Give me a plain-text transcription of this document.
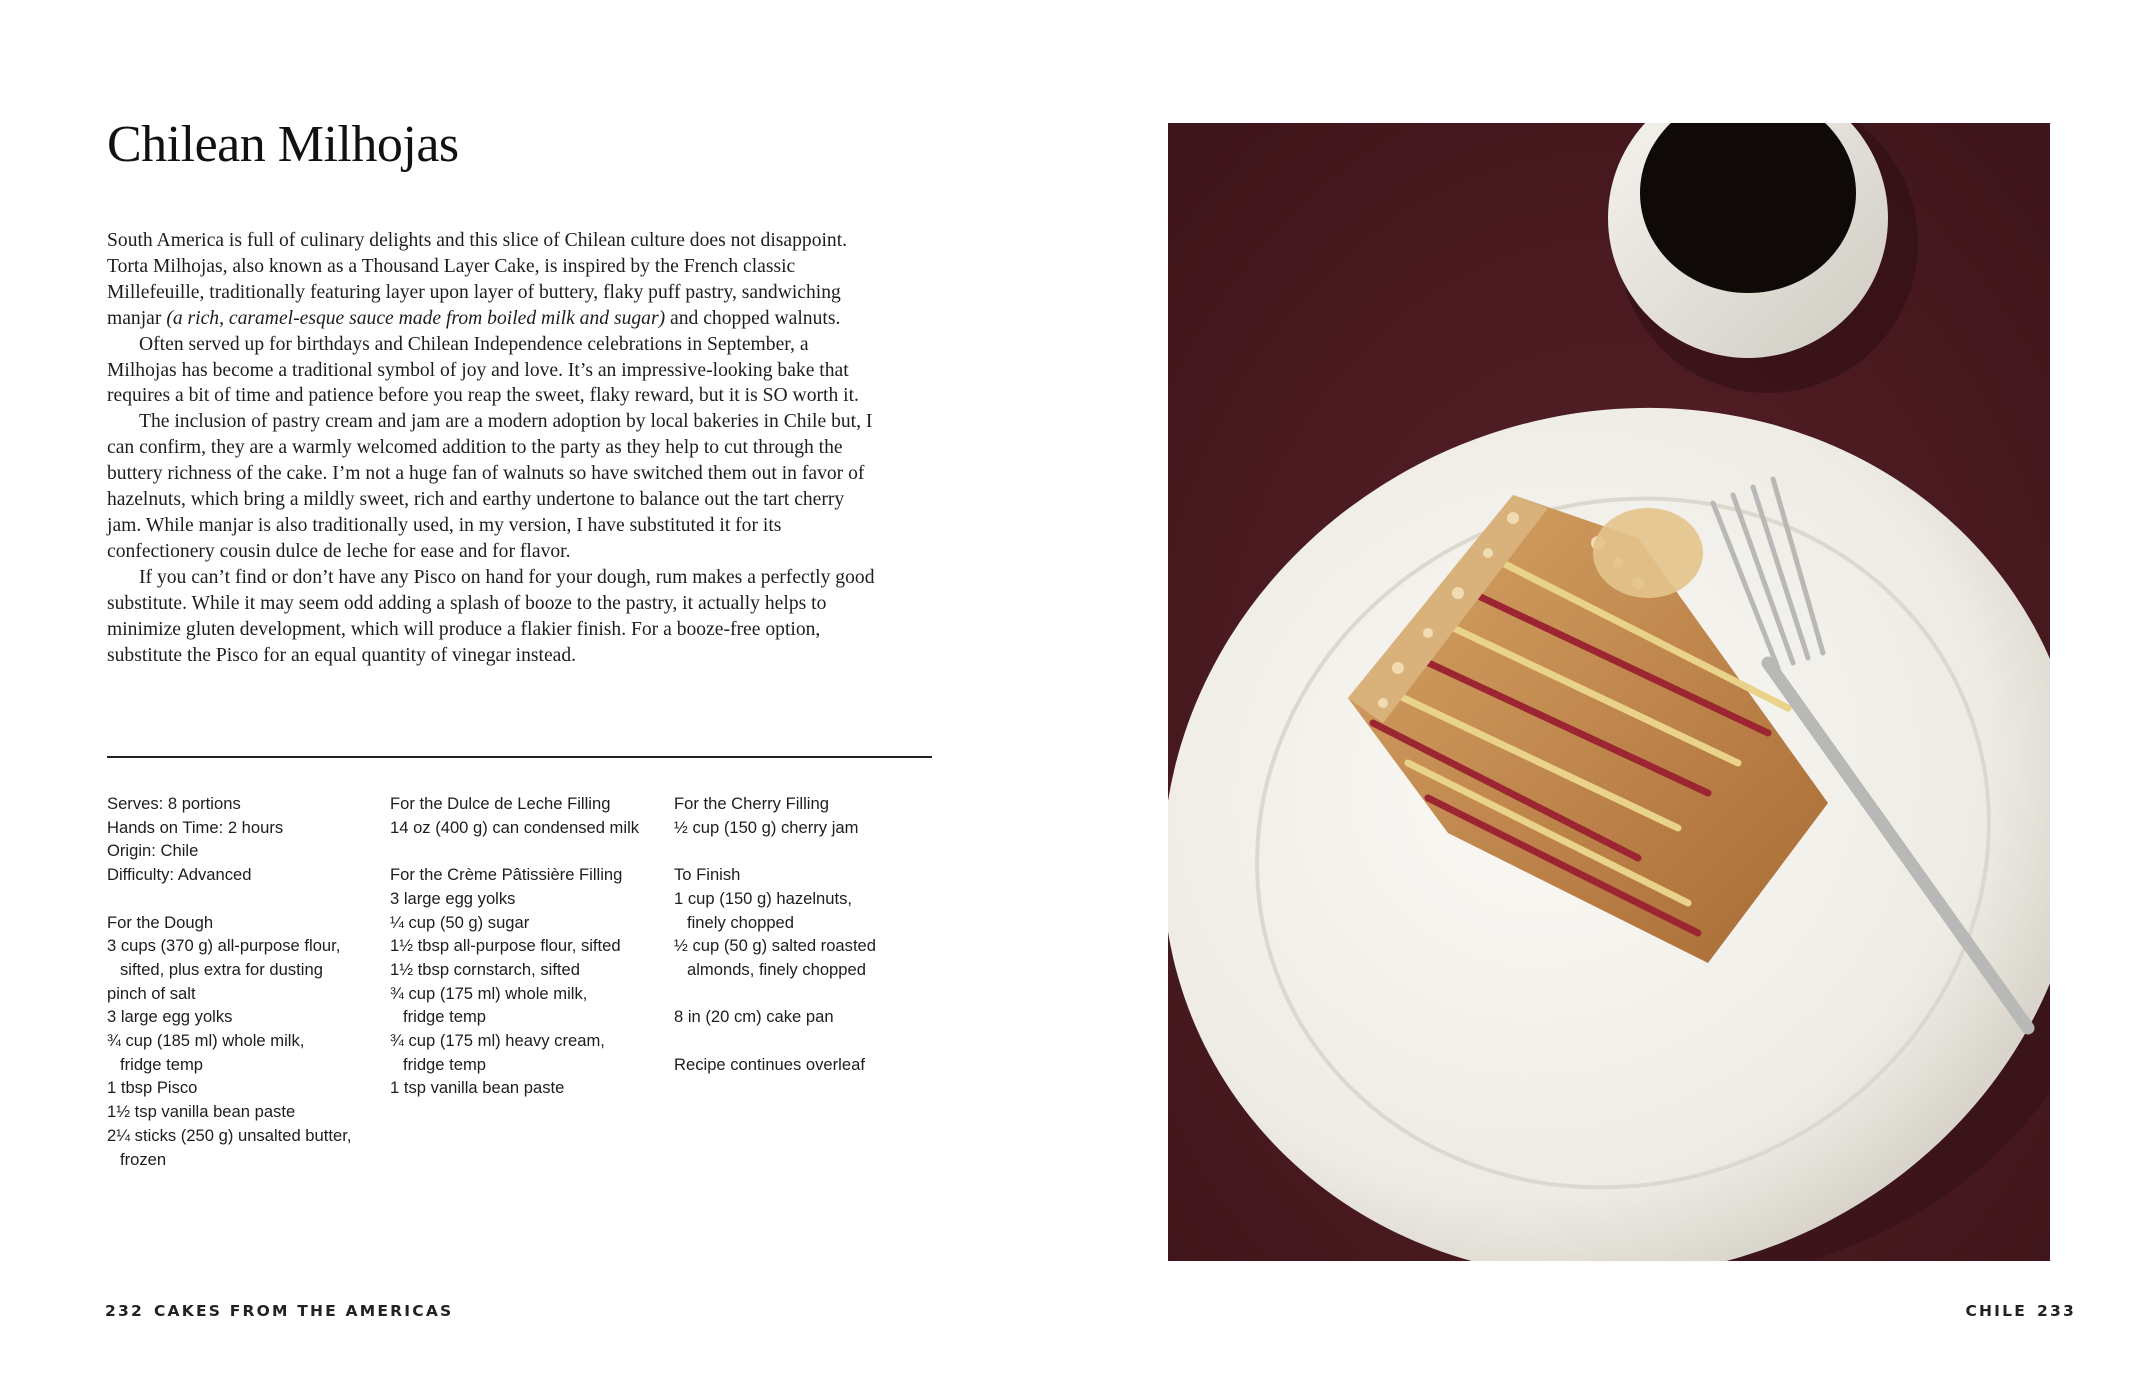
Chilean Milhojas

South America is full of culinary delights and this slice of Chilean culture does not disappoint. Torta Milhojas, also known as a Thousand Layer Cake, is inspired by the French classic Millefeuille, traditionally featuring layer upon layer of buttery, flaky puff pastry, sandwiching manjar (a rich, caramel-esque sauce made from boiled milk and sugar) and chopped walnuts.

Often served up for birthdays and Chilean Independence celebrations in September, a Milhojas has become a traditional symbol of joy and love. It’s an impressive-looking bake that requires a bit of time and patience before you reap the sweet, flaky reward, but it is SO worth it.

The inclusion of pastry cream and jam are a modern adoption by local bakeries in Chile but, I can confirm, they are a warmly welcomed addition to the party as they help to cut through the buttery richness of the cake. I’m not a huge fan of walnuts so have switched them out in favor of hazelnuts, which bring a mildly sweet, rich and earthy undertone to balance out the tart cherry jam. While manjar is also traditionally used, in my version, I have substituted it for its confectionery cousin dulce de leche for ease and for flavor.

If you can’t find or don’t have any Pisco on hand for your dough, rum makes a perfectly good substitute. While it may seem odd adding a splash of booze to the pastry, it actually helps to minimize gluten development, which will produce a flakier finish. For a booze-free option, substitute the Pisco for an equal quantity of vinegar instead.

Serves: 8 portions
Hands on Time: 2 hours
Origin: Chile
Difficulty: Advanced
For the Dough
3 cups (370 g) all-purpose flour,
sifted, plus extra for dusting
pinch of salt
3 large egg yolks
¾ cup (185 ml) whole milk,
fridge temp
1 tbsp Pisco
1½ tsp vanilla bean paste
2¼ sticks (250 g) unsalted butter,
frozen
For the Dulce de Leche Filling
14 oz (400 g) can condensed milk
For the Crème Pâtissière Filling
3 large egg yolks
¼ cup (50 g) sugar
1½ tbsp all-purpose flour, sifted
1½ tbsp cornstarch, sifted
¾ cup (175 ml) whole milk,
fridge temp
¾ cup (175 ml) heavy cream,
fridge temp
1 tsp vanilla bean paste
For the Cherry Filling
½ cup (150 g) cherry jam
To Finish
1 cup (150 g) hazelnuts,
finely chopped
½ cup (50 g) salted roasted
almonds, finely chopped
8 in (20 cm) cake pan
Recipe continues overleaf
232 CAKES FROM THE AMERICAS	CHILE 233
